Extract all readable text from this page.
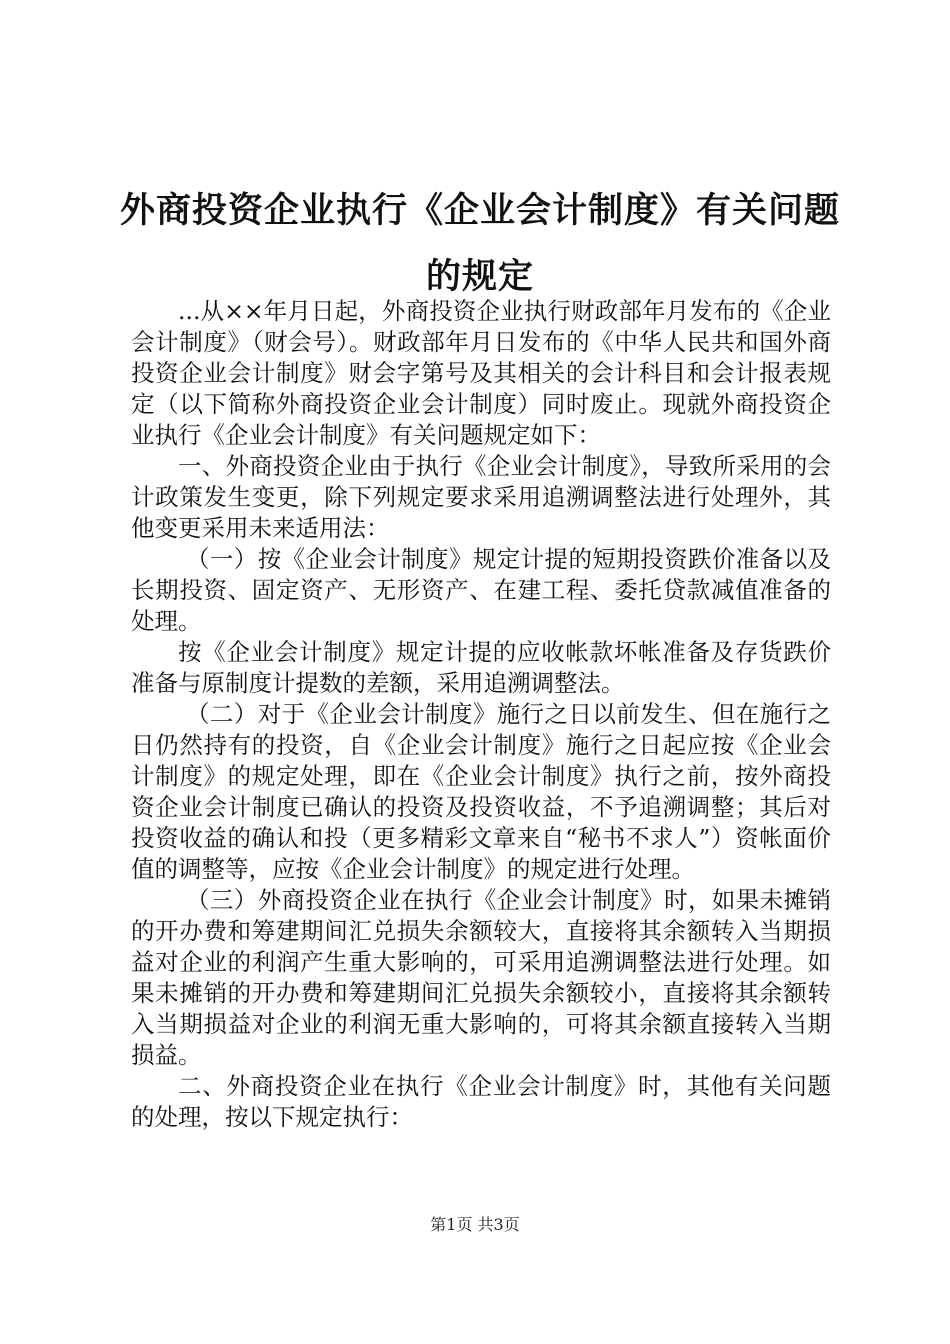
外商投资企业执行《企业会计制度》有关问题的规定

...从××年月日起，外商投资企业执行财政部年月发布的《企业会计制度》（财会号）。财政部年月日发布的《中华人民共和国外商投资企业会计制度》财会字第号及其相关的会计科目和会计报表规定（以下简称外商投资企业会计制度）同时废止。现就外商投资企业执行《企业会计制度》有关问题规定如下：

一、外商投资企业由于执行《企业会计制度》，导致所采用的会计政策发生变更，除下列规定要求采用追溯调整法进行处理外，其他变更采用未来适用法：

（一）按《企业会计制度》规定计提的短期投资跌价准备以及长期投资、固定资产、无形资产、在建工程、委托贷款减值准备的处理。

按《企业会计制度》规定计提的应收帐款坏帐准备及存货跌价准备与原制度计提数的差额，采用追溯调整法。

（二）对于《企业会计制度》施行之日以前发生、但在施行之日仍然持有的投资，自《企业会计制度》施行之日起应按《企业会计制度》的规定处理，即在《企业会计制度》执行之前，按外商投资企业会计制度已确认的投资及投资收益，不予追溯调整；其后对投资收益的确认和投（更多精彩文章来自“秘书不求人”）资帐面价值的调整等，应按《企业会计制度》的规定进行处理。

（三）外商投资企业在执行《企业会计制度》时，如果未摊销的开办费和筹建期间汇兑损失余额较大，直接将其余额转入当期损益对企业的利润产生重大影响的，可采用追溯调整法进行处理。如果未摊销的开办费和筹建期间汇兑损失余额较小，直接将其余额转入当期损益对企业的利润无重大影响的，可将其余额直接转入当期损益。

二、外商投资企业在执行《企业会计制度》时，其他有关问题的处理，按以下规定执行：

第1页 共3页
